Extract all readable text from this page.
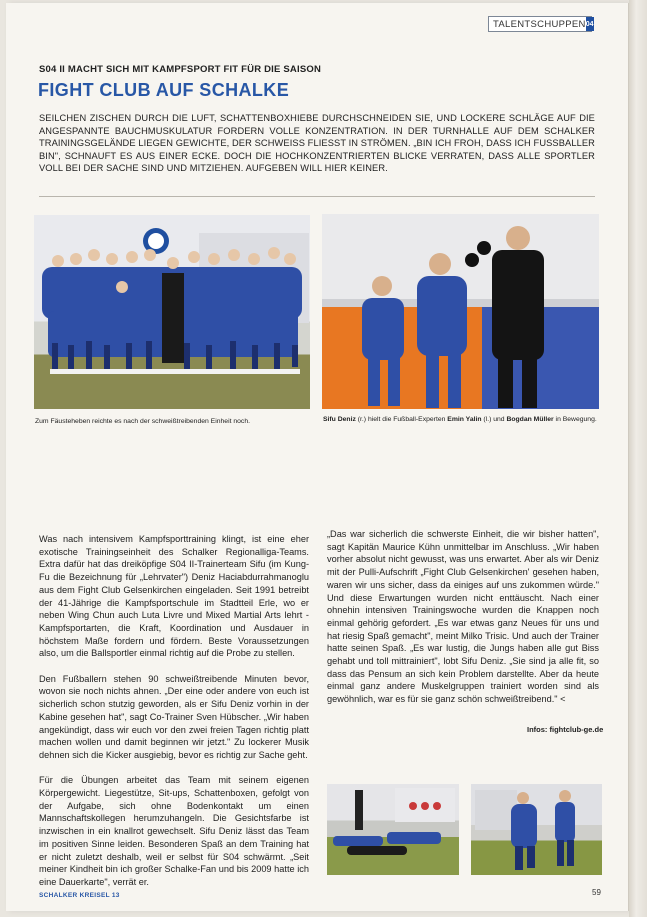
TALENTSCHUPPEN 04
S04 II MACHT SICH MIT KAMPFSPORT FIT FÜR DIE SAISON
FIGHT CLUB AUF SCHALKE
SEILCHEN ZISCHEN DURCH DIE LUFT, SCHATTENBOXHIEBE DURCHSCHNEIDEN SIE, UND LOCKERE SCHLÄGE AUF DIE ANGESPANNTE BAUCHMUSKULATUR FORDERN VOLLE KONZENTRATION. IN DER TURNHALLE AUF DEM SCHALKER TRAININGSGELÄNDE LIEGEN GEWICHTE, DER SCHWEISS FLIESST IN STRÖMEN. „BIN ICH FROH, DASS ICH FUSSBALLER BIN", SCHNAUFT ES AUS EINER ECKE. DOCH DIE HOCHKONZENTRIERTEN BLICKE VERRATEN, DASS ALLE SPORTLER VOLL BEI DER SACHE SIND UND MITZIEHEN. AUFGEBEN WILL HIER KEINER.
Zum Fäusteheben reichte es nach der schweißtreibenden Einheit noch.	Sifu Deniz (r.) hielt die Fußball-Experten Emin Yalin (l.) und Bogdan Müller in Bewegung.

Was nach intensivem Kampfsporttraining klingt, ist eine eher exotische Trainingseinheit des Schalker Regionalliga-Teams. Extra dafür hat das dreiköpfige S04 II-Trainerteam Sifu (im Kung-Fu die Bezeichnung für „Lehrvater") Deniz Haciabdurrahmanoglu aus dem Fight Club Gelsenkirchen eingeladen. Seit 1991 betreibt der 41-Jährige die Kampfsportschule im Stadtteil Erle, wo er neben Wing Chun auch Luta Livre und Mixed Martial Arts lehrt - Kampfsportarten, die Kraft, Koordination und Ausdauer in höchstem Maße fordern und fördern. Beste Voraussetzungen also, um die Ballsportler einmal richtig auf die Probe zu stellen.

Den Fußballern stehen 90 schweißtreibende Minuten bevor, wovon sie noch nichts ahnen. „Der eine oder andere von euch ist sicherlich schon stutzig geworden, als er Sifu Deniz vorhin in der Kabine gesehen hat", sagt Co-Trainer Sven Hübscher. „Wir haben angekündigt, dass wir euch vor den zwei freien Tagen richtig platt machen wollen und damit beginnen wir jetzt." Zu lockerer Musik dehnen sich die Kicker ausgiebig, bevor es richtig zur Sache geht.

Für die Übungen arbeitet das Team mit seinem eigenen Körpergewicht. Liegestütze, Sit-ups, Schattenboxen, gefolgt von der Aufgabe, sich ohne Bodenkontakt um einen Mannschaftskollegen herumzuhangeln. Die Gesichtsfarbe ist inzwischen in ein knallrot gewechselt. Sifu Deniz lässt das Team im positiven Sinne leiden. Besonderen Spaß an dem Training hat er nicht zuletzt deshalb, weil er selbst für S04 schwärmt. „Seit meiner Kindheit bin ich großer Schalke-Fan und bis 2009 hatte ich eine Dauerkarte", verrät er.

„Das war sicherlich die schwerste Einheit, die wir bisher hatten", sagt Kapitän Maurice Kühn unmittelbar im Anschluss. „Wir haben vorher absolut nicht gewusst, was uns erwartet. Aber als wir Deniz mit der Pulli-Aufschrift „Fight Club Gelsenkirchen' gesehen haben, waren wir uns sicher, dass da einiges auf uns zukommen würde." Und diese Erwartungen wurden nicht enttäuscht. Nach einer ohnehin intensiven Trainingswoche wurden die Knappen noch einmal gehörig gefordert. „Es war etwas ganz Neues für uns und hat riesig Spaß gemacht", meint Milko Trisic. Und auch der Trainer hatte seinen Spaß. „Es war lustig, die Jungs haben alle gut Biss gehabt und toll mittrainiert", lobt Sifu Deniz. „Sie sind ja alle fit, so dass das Pensum an sich kein Problem darstellte. Aber da heute einmal ganz andere Muskelgruppen trainiert worden sind als gewöhnlich, war es für sie ganz schön schweißtreibend." <

Infos: fightclub-ge.de
SCHALKER KREISEL 13	59
